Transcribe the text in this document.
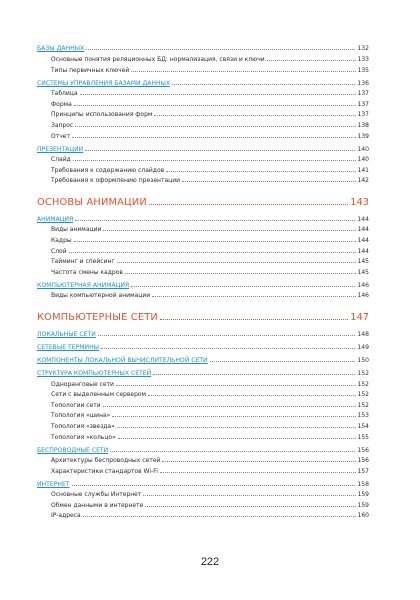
БАЗЫ ДАННЫХ	132
Основные понятия реляционных БД: нормализация, связи и ключи	133
Типы первичных ключей	135
СИСТЕМЫ УПРАВЛЕНИЯ БАЗАМИ ДАННЫХ	136
Таблица	137
Форма	137
Принципы использования форм	137
Запрос	138
Отчет	139
ПРЕЗЕНТАЦИИ	140
Слайд	140
Требования к содержанию слайдов	141
Требования к оформлению презентации	142
ОСНОВЫ АНИМАЦИИ	143
АНИМАЦИЯ	144
Виды анимации	144
Кадры	144
Слой	144
Тайминг и спейсинг	145
Частота смены кадров	145
КОМПЬЮТЕРНАЯ АНИМАЦИЯ	146
Виды компьютерной анимации	146
КОМПЬЮТЕРНЫЕ СЕТИ	147
ЛОКАЛЬНЫЕ СЕТИ	148
СЕТЕВЫЕ ТЕРМИНЫ	149
КОМПОНЕНТЫ ЛОКАЛЬНОЙ ВЫЧИСЛИТЕЛЬНОЙ СЕТИ	150
СТРУКТУРА КОМПЬЮТЕРНЫХ СЕТЕЙ	152
Одноранговые сети	152
Сети с выделенным сервером	152
Топологии сети	152
Топология «шина»	153
Топология «звезда»	154
Топология «кольцо»	155
БЕСПРОВОДНЫЕ СЕТИ	156
Архитектуры беспроводных сетей	156
Характеристики стандартов Wi-Fi	157
ИНТЕРНЕТ	158
Основные службы Интернет	159
Обмен данными в интернете	159
IP-адреса	160
222
